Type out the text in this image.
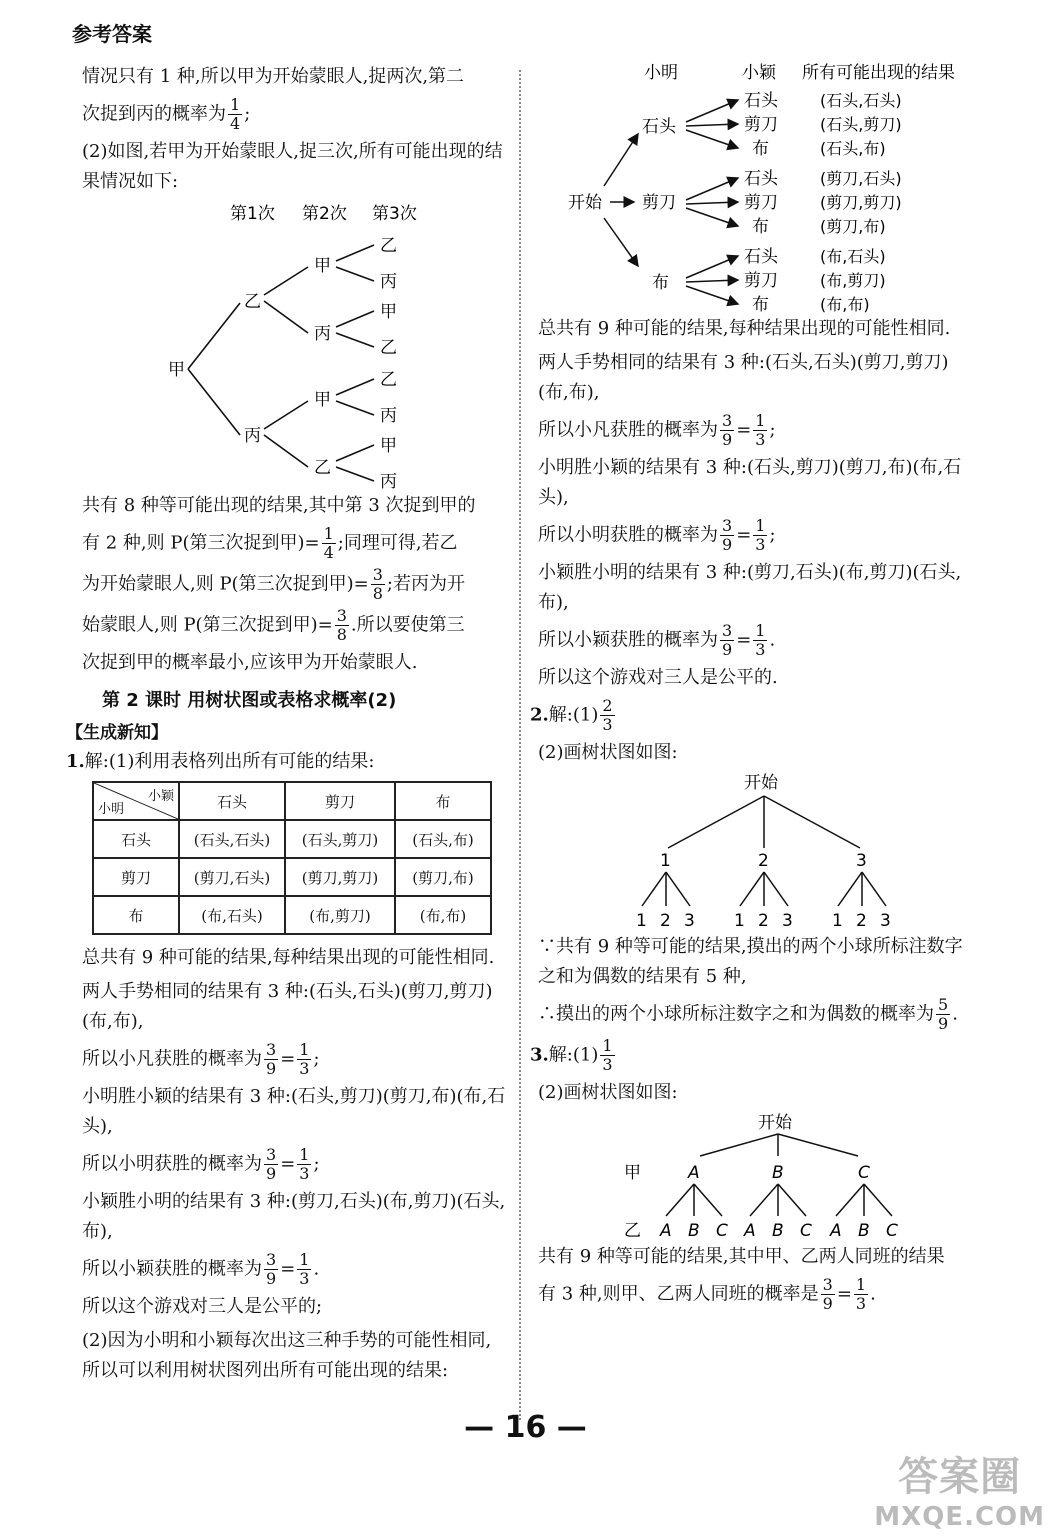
参考答案

情况只有 1 种,所以甲为开始蒙眼人,捉两次,第二

次捉到丙的概率为 $\frac{1}{4}$ ;

(2)如图,若甲为开始蒙眼人,捉三次,所有可能出现的结果情况如下:

第1次 第2次 第3次
甲
乙
丙
甲
丙
甲
乙
乙
丙
甲
乙
乙
丙
甲
丙

共有 8 种等可能出现的结果,其中第 3 次捉到甲的

有 2 种,则 P(第三次捉到甲)= $\frac{1}{4}$ ;同理可得,若乙

为开始蒙眼人,则 P(第三次捉到甲)= $\frac{3}{8}$ ;若丙为开

始蒙眼人,则 P(第三次捉到甲)= $\frac{3}{8}$ .所以要使第三

次捉到甲的概率最小,应该甲为开始蒙眼人.

第 2 课时 用树状图或表格求概率(2)
【生成新知】

1.解:(1)利用表格列出所有可能的结果:

小颖
小明	石头	剪刀	布
石头	(石头,石头)	(石头,剪刀)	(石头,布)
剪刀	(剪刀,石头)	(剪刀,剪刀)	(剪刀,布)
布	(布,石头)	(布,剪刀)	(布,布)

总共有 9 种可能的结果,每种结果出现的可能性相同.

两人手势相同的结果有 3 种:(石头,石头)(剪刀,剪刀)(布,布),

所以小凡获胜的概率为 $\frac{3}{9} = \frac{1}{3}$ ;

小明胜小颖的结果有 3 种:(石头,剪刀)(剪刀,布)(布,石头),

所以小明获胜的概率为 $\frac{3}{9} = \frac{1}{3}$ ;

小颖胜小明的结果有 3 种:(剪刀,石头)(布,剪刀)(石头,布),

所以小颖获胜的概率为 $\frac{3}{9} = \frac{1}{3}$ .

所以这个游戏对三人是公平的;

(2)因为小明和小颖每次出这三种手势的可能性相同,所以可以利用树状图列出所有可能出现的结果:

小明	小颖 所有可能出现的结果
开始
石头
剪刀
布
石头
剪刀
布
石头
剪刀
布
石头
剪刀
布
(石头,石头)
(石头,剪刀)
(石头,布)
(剪刀,石头)
(剪刀,剪刀)
(剪刀,布)
(布,石头)
(布,剪刀)
(布,布)

总共有 9 种可能的结果,每种结果出现的可能性相同.

两人手势相同的结果有 3 种:(石头,石头)(剪刀,剪刀)(布,布),

所以小凡获胜的概率为 $\frac{3}{9} = \frac{1}{3}$ ;

小明胜小颖的结果有 3 种:(石头,剪刀)(剪刀,布)(布,石头),

所以小明获胜的概率为 $\frac{3}{9} = \frac{1}{3}$ ;

小颖胜小明的结果有 3 种:(剪刀,石头)(布,剪刀)(石头,布),

所以小颖获胜的概率为 $\frac{3}{9} = \frac{1}{3}$ .

所以这个游戏对三人是公平的.

2.解:(1) $\frac{2}{3}$

(2)画树状图如图:

开始
1	2	3
1 2 3 1 2 3 1 2 3

∵共有 9 种等可能的结果,摸出的两个小球所标注数字之和为偶数的结果有 5 种,

∴摸出的两个小球所标注数字之和为偶数的概率为 $\frac{5}{9}$ .

3.解:(1) $\frac{1}{3}$

(2)画树状图如图:

开始
甲
乙
A	B	C
A B C A B C A B C

共有 9 种等可能的结果,其中甲、乙两人同班的结果

有 3 种,则甲、乙两人同班的概率是 $\frac{3}{9} = \frac{1}{3}$ .

— 16 —
答案圈
MXQE.COM
